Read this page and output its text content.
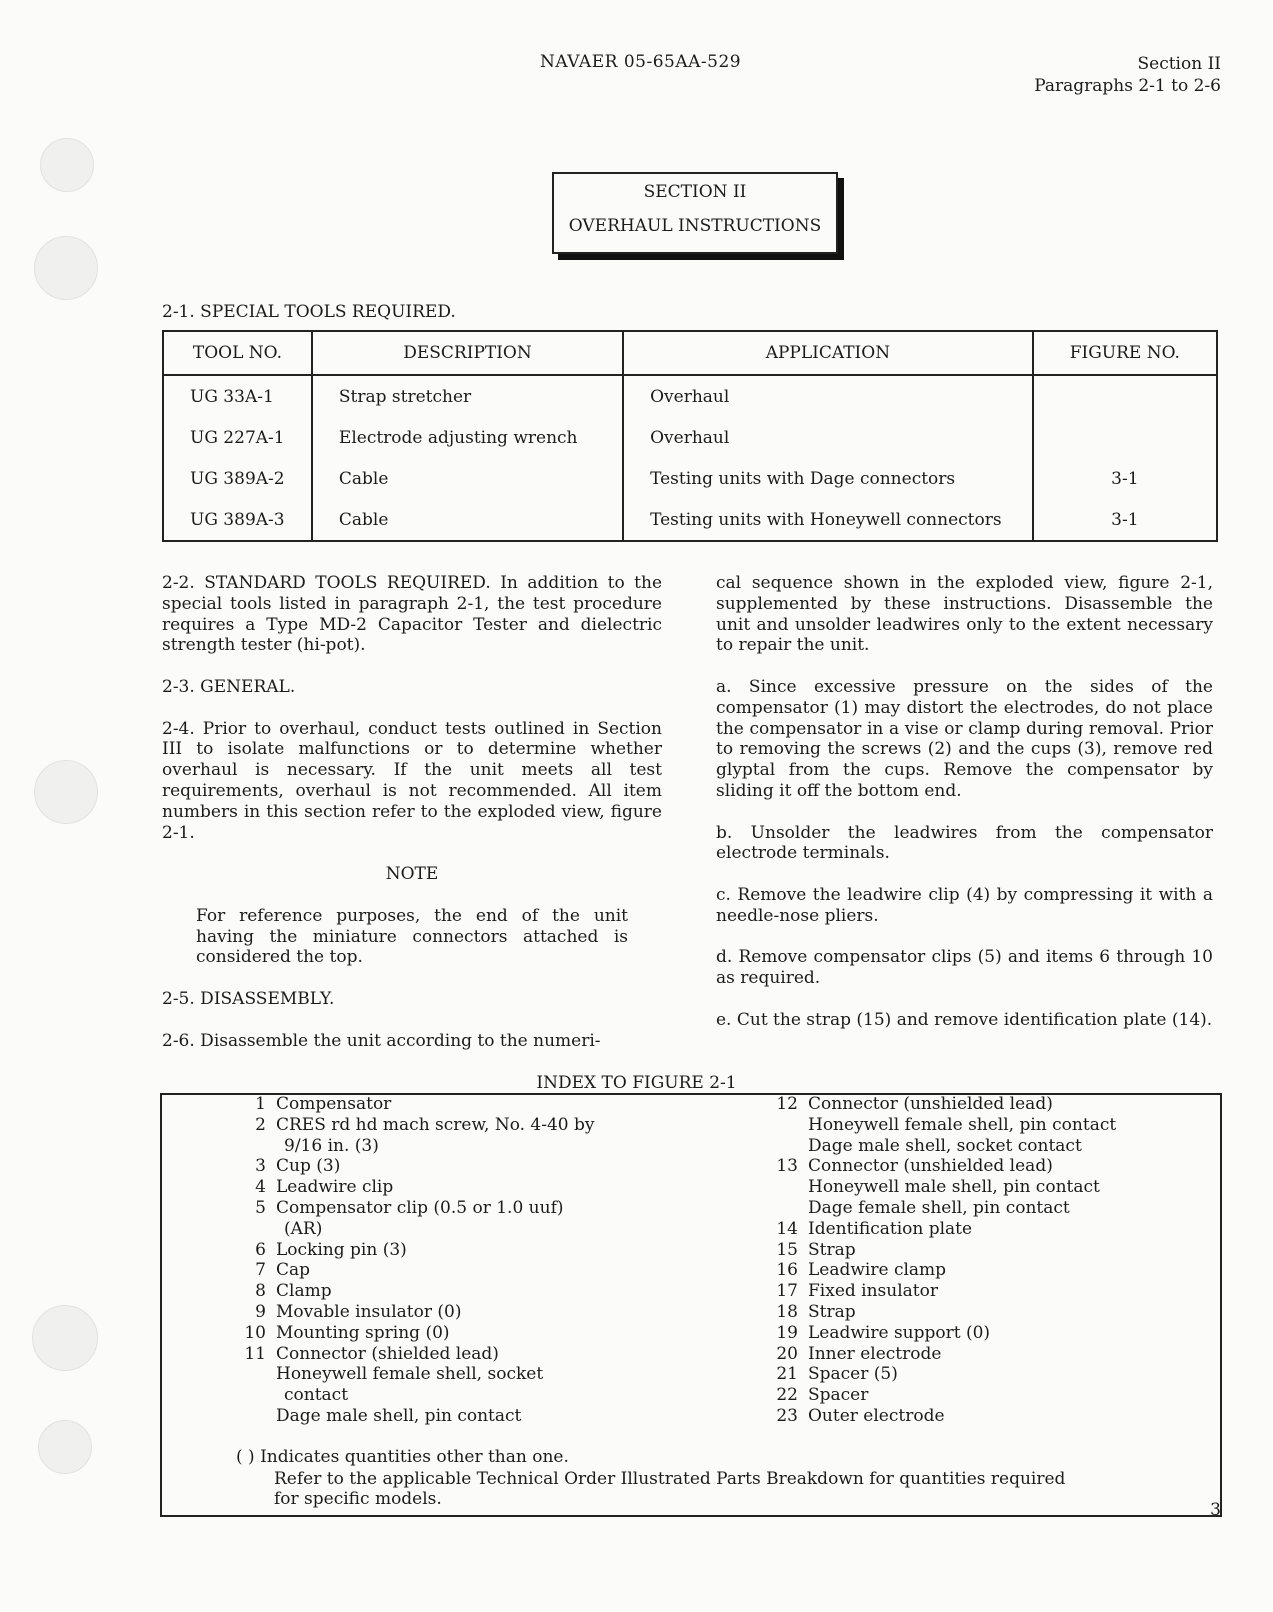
NAVAER 05-65AA-529	Section II
Paragraphs 2-1 to 2-6
SECTION II
OVERHAUL INSTRUCTIONS
2-1. SPECIAL TOOLS REQUIRED.
TOOL NO.	DESCRIPTION	APPLICATION	FIGURE NO.
UG 33A-1	Strap stretcher	Overhaul	
UG 227A-1	Electrode adjusting wrench	Overhaul	
UG 389A-2	Cable	Testing units with Dage connectors	3-1
UG 389A-3	Cable	Testing units with Honeywell connectors	3-1

2-2. STANDARD TOOLS REQUIRED. In addition to the special tools listed in paragraph 2-1, the test procedure requires a Type MD-2 Capacitor Tester and dielectric strength tester (hi-pot).

2-3. GENERAL.

2-4. Prior to overhaul, conduct tests outlined in Section III to isolate malfunctions or to determine whether overhaul is necessary. If the unit meets all test requirements, overhaul is not recommended. All item numbers in this section refer to the exploded view, figure 2-1.

NOTE

For reference purposes, the end of the unit having the miniature connectors attached is considered the top.

2-5. DISASSEMBLY.

2-6. Disassemble the unit according to the numeri-

cal sequence shown in the exploded view, figure 2-1, supplemented by these instructions. Disassemble the unit and unsolder leadwires only to the extent necessary to repair the unit.

a. Since excessive pressure on the sides of the compensator (1) may distort the electrodes, do not place the compensator in a vise or clamp during removal. Prior to removing the screws (2) and the cups (3), remove red glyptal from the cups. Remove the compensator by sliding it off the bottom end.

b. Unsolder the leadwires from the compensator electrode terminals.

c. Remove the leadwire clip (4) by compressing it with a needle-nose pliers.

d. Remove compensator clips (5) and items 6 through 10 as required.

e. Cut the strap (15) and remove identification plate (14).

INDEX TO FIGURE 2-1
1 Compensator
2 CRES rd hd mach screw, No. 4-40 by
9/16 in. (3)
3 Cup (3)
4 Leadwire clip
5 Compensator clip (0.5 or 1.0 uuf)
(AR)
6 Locking pin (3)
7 Cap
8 Clamp
9 Movable insulator (0)
10 Mounting spring (0)
11 Connector (shielded lead)
Honeywell female shell, socket
contact
Dage male shell, pin contact
12 Connector (unshielded lead)
Honeywell female shell, pin contact
Dage male shell, socket contact
13 Connector (unshielded lead)
Honeywell male shell, pin contact
Dage female shell, pin contact
14 Identification plate
15 Strap
16 Leadwire clamp
17 Fixed insulator
18 Strap
19 Leadwire support (0)
20 Inner electrode
21 Spacer (5)
22 Spacer
23 Outer electrode
( ) Indicates quantities other than one.
Refer to the applicable Technical Order Illustrated Parts Breakdown for quantities required
for specific models.
3
